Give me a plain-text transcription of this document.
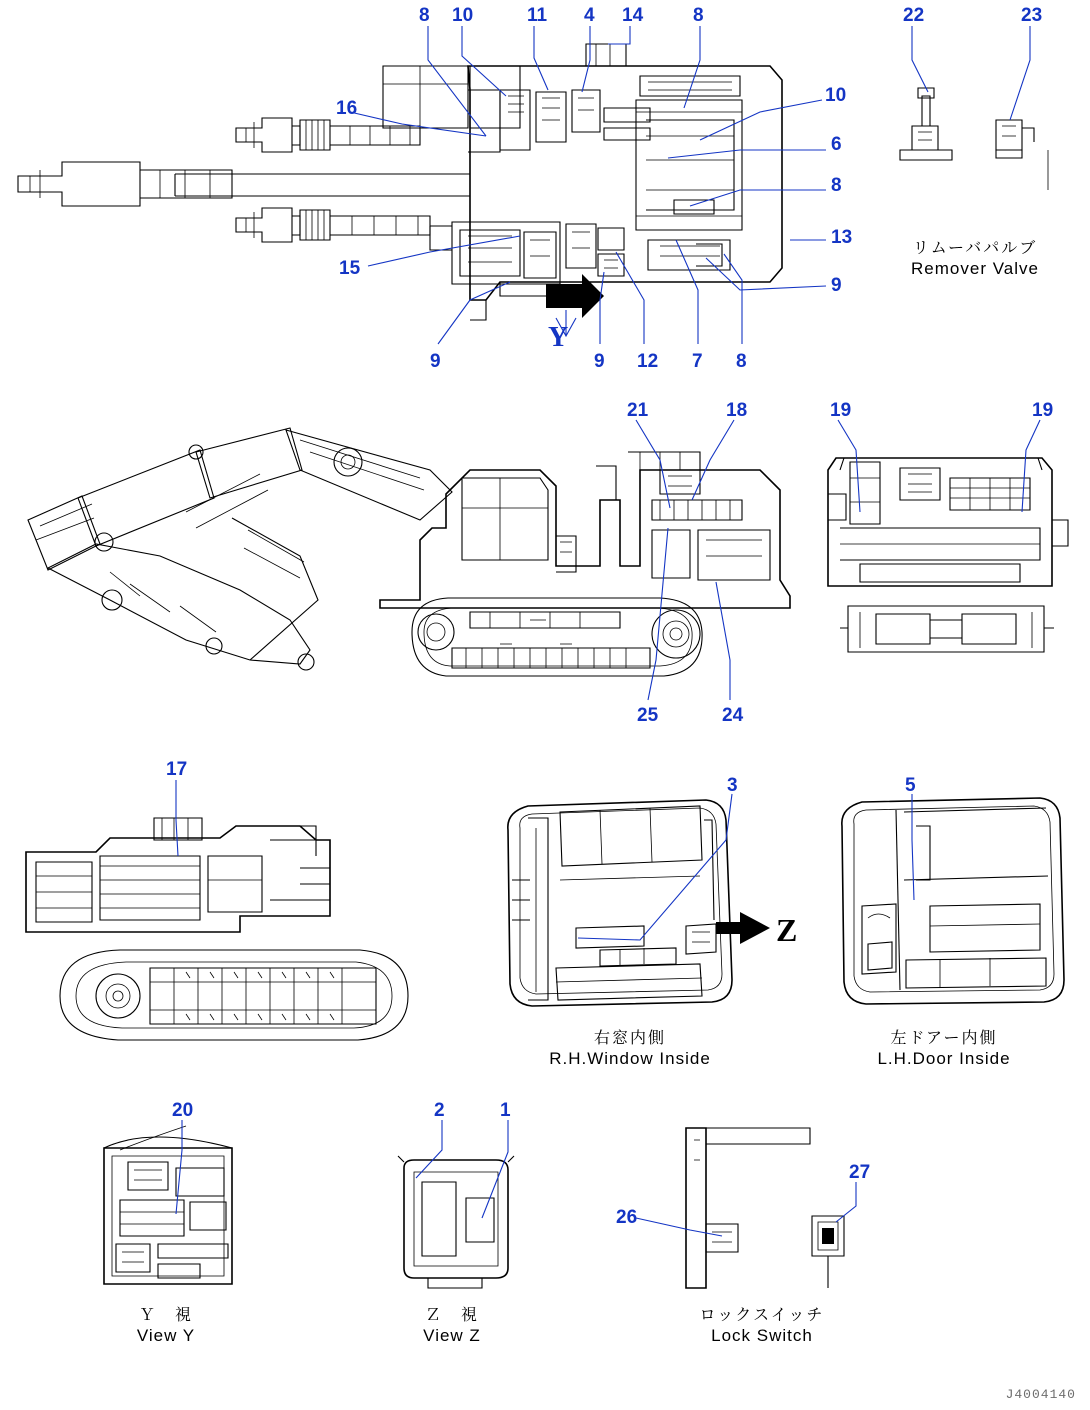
8 10	11 4 14	8	22	23
16
10
6
8
13
9
15
9	9 12 7 8
21	18	19	19
25	24
17
3	5
20	2	1
26
27
Y
Z
リムーバパルブ
Remover Valve
右窓内側
R.H.Window Inside
左ドアー内側
L.H.Door Inside
Ｙ　視
View Y
Ｚ　視
View Z
ロックスイッチ
Lock Switch
J4004140
